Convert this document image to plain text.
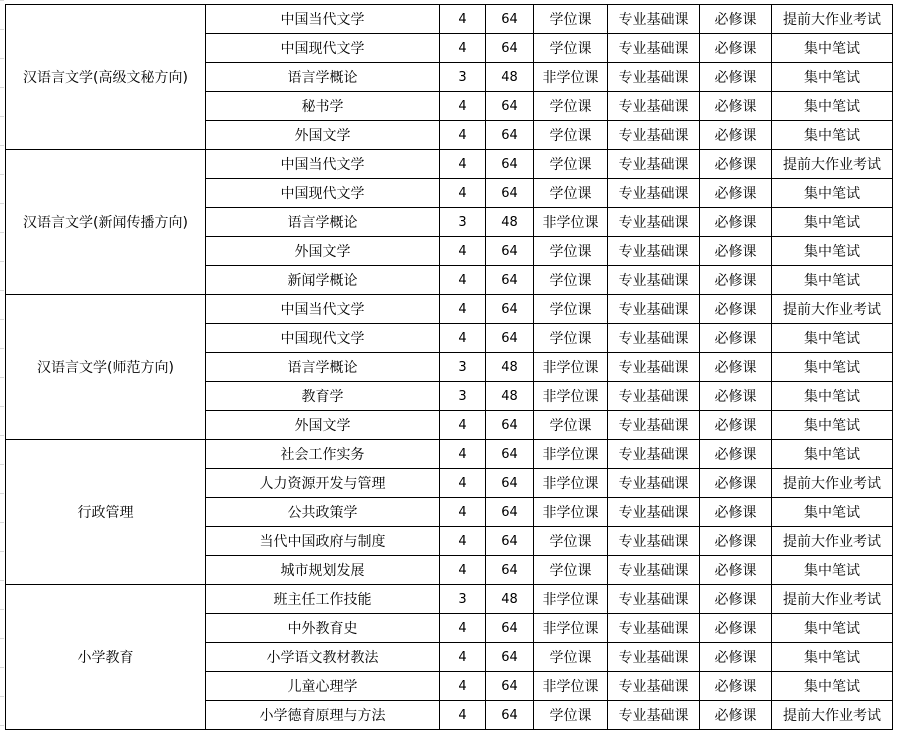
汉语言文学(高级文秘方向)	中国当代文学	4	64	学位课	专业基础课	必修课	提前大作业考试
	中国现代文学	4	64	学位课	专业基础课	必修课	集中笔试
	语言学概论	3	48	非学位课	专业基础课	必修课	集中笔试
	秘书学	4	64	学位课	专业基础课	必修课	集中笔试
	外国文学	4	64	学位课	专业基础课	必修课	集中笔试
汉语言文学(新闻传播方向)	中国当代文学	4	64	学位课	专业基础课	必修课	提前大作业考试
	中国现代文学	4	64	学位课	专业基础课	必修课	集中笔试
	语言学概论	3	48	非学位课	专业基础课	必修课	集中笔试
	外国文学	4	64	学位课	专业基础课	必修课	集中笔试
	新闻学概论	4	64	学位课	专业基础课	必修课	集中笔试
汉语言文学(师范方向)	中国当代文学	4	64	学位课	专业基础课	必修课	提前大作业考试
	中国现代文学	4	64	学位课	专业基础课	必修课	集中笔试
	语言学概论	3	48	非学位课	专业基础课	必修课	集中笔试
	教育学	3	48	非学位课	专业基础课	必修课	集中笔试
	外国文学	4	64	学位课	专业基础课	必修课	集中笔试
行政管理	社会工作实务	4	64	非学位课	专业基础课	必修课	集中笔试
	人力资源开发与管理	4	64	非学位课	专业基础课	必修课	提前大作业考试
	公共政策学	4	64	非学位课	专业基础课	必修课	集中笔试
	当代中国政府与制度	4	64	学位课	专业基础课	必修课	提前大作业考试
	城市规划发展	4	64	学位课	专业基础课	必修课	集中笔试
小学教育	班主任工作技能	3	48	非学位课	专业基础课	必修课	提前大作业考试
	中外教育史	4	64	非学位课	专业基础课	必修课	集中笔试
	小学语文教材教法	4	64	学位课	专业基础课	必修课	集中笔试
	儿童心理学	4	64	非学位课	专业基础课	必修课	集中笔试
	小学德育原理与方法	4	64	学位课	专业基础课	必修课	提前大作业考试
